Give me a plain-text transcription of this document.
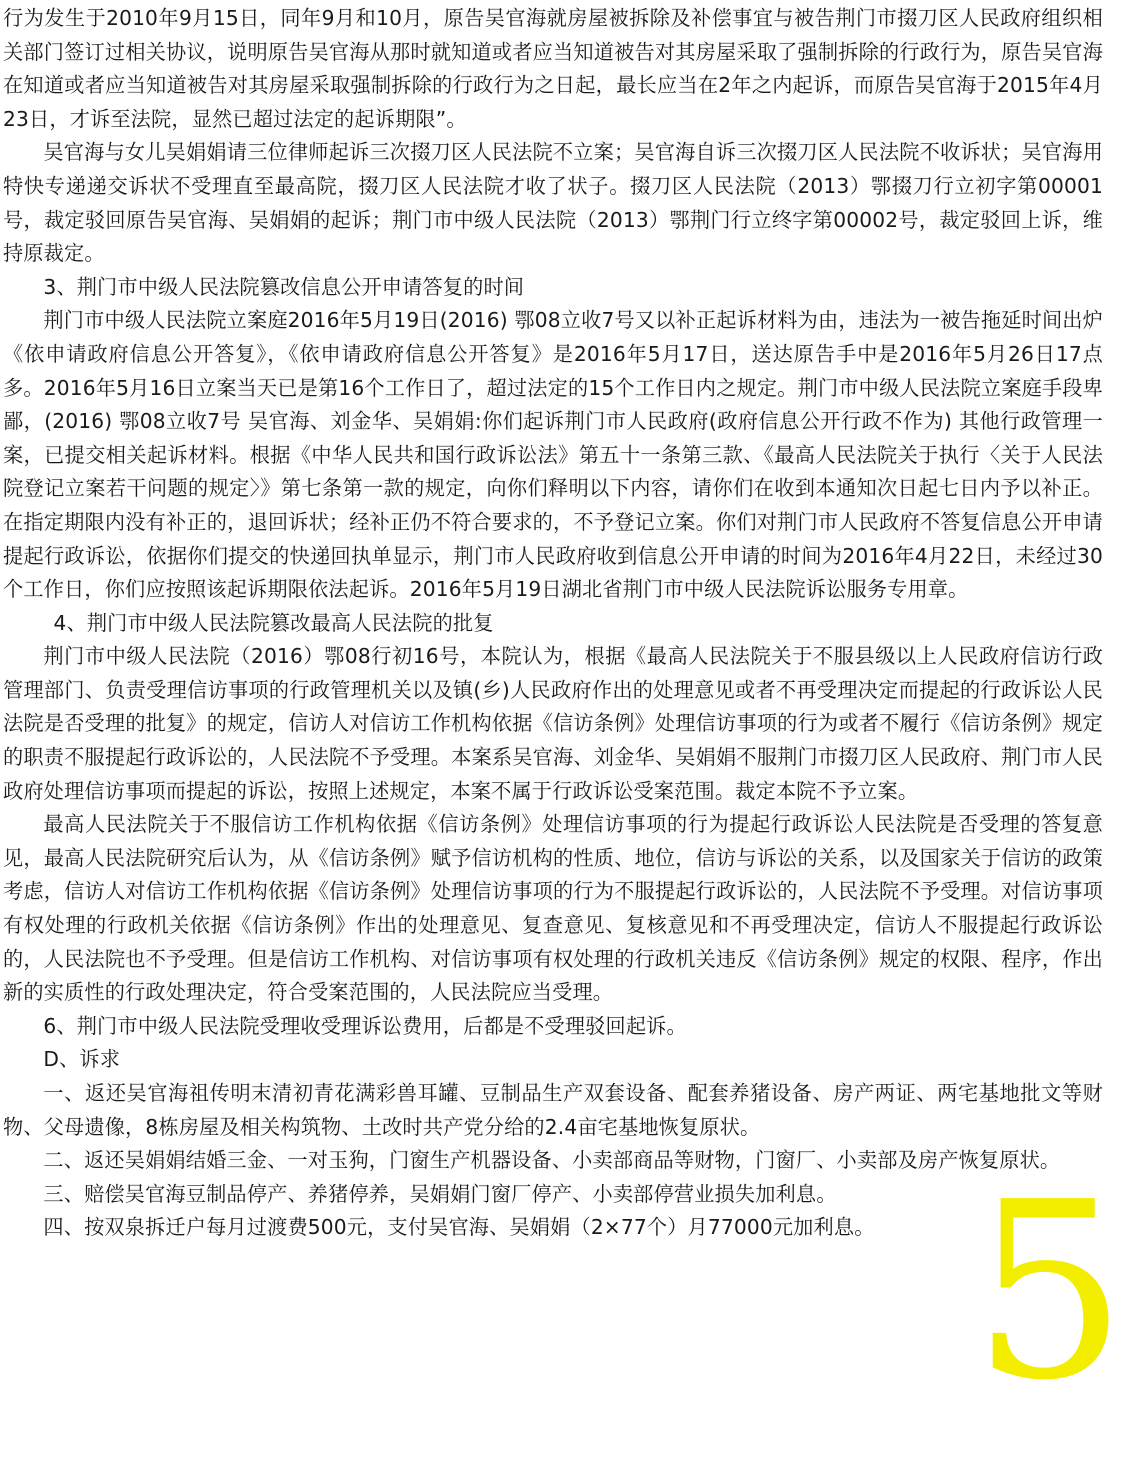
行为发生于2010年9月15日，同年9月和10月，原告吴官海就房屋被拆除及补偿事宜与被告荆门市掇刀区人民政府组织相关部门签订过相关协议，说明原告吴官海从那时就知道或者应当知道被告对其房屋采取了强制拆除的行政行为，原告吴官海在知道或者应当知道被告对其房屋采取强制拆除的行政行为之日起，最长应当在2年之内起诉，而原告吴官海于2015年4月23日，才诉至法院，显然已超过法定的起诉期限”。

吴官海与女儿吴娟娟请三位律师起诉三次掇刀区人民法院不立案；吴官海自诉三次掇刀区人民法院不收诉状；吴官海用特快专递递交诉状不受理直至最高院，掇刀区人民法院才收了状子。掇刀区人民法院（2013）鄂掇刀行立初字第00001号，裁定驳回原告吴官海、吴娟娟的起诉；荆门市中级人民法院（2013）鄂荆门行立终字第00002号，裁定驳回上诉，维持原裁定。

3、荆门市中级人民法院篡改信息公开申请答复的时间

荆门市中级人民法院立案庭2016年5月19日(2016) 鄂08立收7号又以补正起诉材料为由，违法为一被告拖延时间出炉《依申请政府信息公开答复》，《依申请政府信息公开答复》是2016年5月17日，送达原告手中是2016年5月26日17点多。2016年5月16日立案当天已是第16个工作日了，超过法定的15个工作日内之规定。荆门市中级人民法院立案庭手段卑鄙，(2016) 鄂08立收7号 吴官海、刘金华、吴娟娟:你们起诉荆门市人民政府(政府信息公开行政不作为) 其他行政管理一案，已提交相关起诉材料。根据《中华人民共和国行政诉讼法》第五十一条第三款、《最高人民法院关于执行〈关于人民法院登记立案若干问题的规定〉》第七条第一款的规定，向你们释明以下内容，请你们在收到本通知次日起七日内予以补正。在指定期限内没有补正的，退回诉状；经补正仍不符合要求的，不予登记立案。你们对荆门市人民政府不答复信息公开申请提起行政诉讼，依据你们提交的快递回执单显示，荆门市人民政府收到信息公开申请的时间为2016年4月22日，未经过30个工作日，你们应按照该起诉期限依法起诉。2016年5月19日湖北省荆门市中级人民法院诉讼服务专用章。

4、荆门市中级人民法院篡改最高人民法院的批复

荆门市中级人民法院（2016）鄂08行初16号，本院认为，根据《最高人民法院关于不服县级以上人民政府信访行政管理部门、负责受理信访事项的行政管理机关以及镇(乡)人民政府作出的处理意见或者不再受理决定而提起的行政诉讼人民法院是否受理的批复》的规定，信访人对信访工作机构依据《信访条例》处理信访事项的行为或者不履行《信访条例》规定的职责不服提起行政诉讼的，人民法院不予受理。本案系吴官海、刘金华、吴娟娟不服荆门市掇刀区人民政府、荆门市人民政府处理信访事项而提起的诉讼，按照上述规定，本案不属于行政诉讼受案范围。裁定本院不予立案。

最高人民法院关于不服信访工作机构依据《信访条例》处理信访事项的行为提起行政诉讼人民法院是否受理的答复意见，最高人民法院研究后认为，从《信访条例》赋予信访机构的性质、地位，信访与诉讼的关系，以及国家关于信访的政策考虑，信访人对信访工作机构依据《信访条例》处理信访事项的行为不服提起行政诉讼的，人民法院不予受理。对信访事项有权处理的行政机关依据《信访条例》作出的处理意见、复查意见、复核意见和不再受理决定，信访人不服提起行政诉讼的，人民法院也不予受理。但是信访工作机构、对信访事项有权处理的行政机关违反《信访条例》规定的权限、程序，作出新的实质性的行政处理决定，符合受案范围的，人民法院应当受理。

6、荆门市中级人民法院受理收受理诉讼费用，后都是不受理驳回起诉。

D、诉求

一、返还吴官海祖传明末清初青花满彩兽耳罐、豆制品生产双套设备、配套养猪设备、房产两证、两宅基地批文等财物、父母遗像，8栋房屋及相关构筑物、土改时共产党分给的2.4亩宅基地恢复原状。

二、返还吴娟娟结婚三金、一对玉狗，门窗生产机器设备、小卖部商品等财物，门窗厂、小卖部及房产恢复原状。

三、赔偿吴官海豆制品停产、养猪停养，吴娟娟门窗厂停产、小卖部停营业损失加利息。

四、按双泉拆迁户每月过渡费500元，支付吴官海、吴娟娟（2×77个）月77000元加利息。 5
